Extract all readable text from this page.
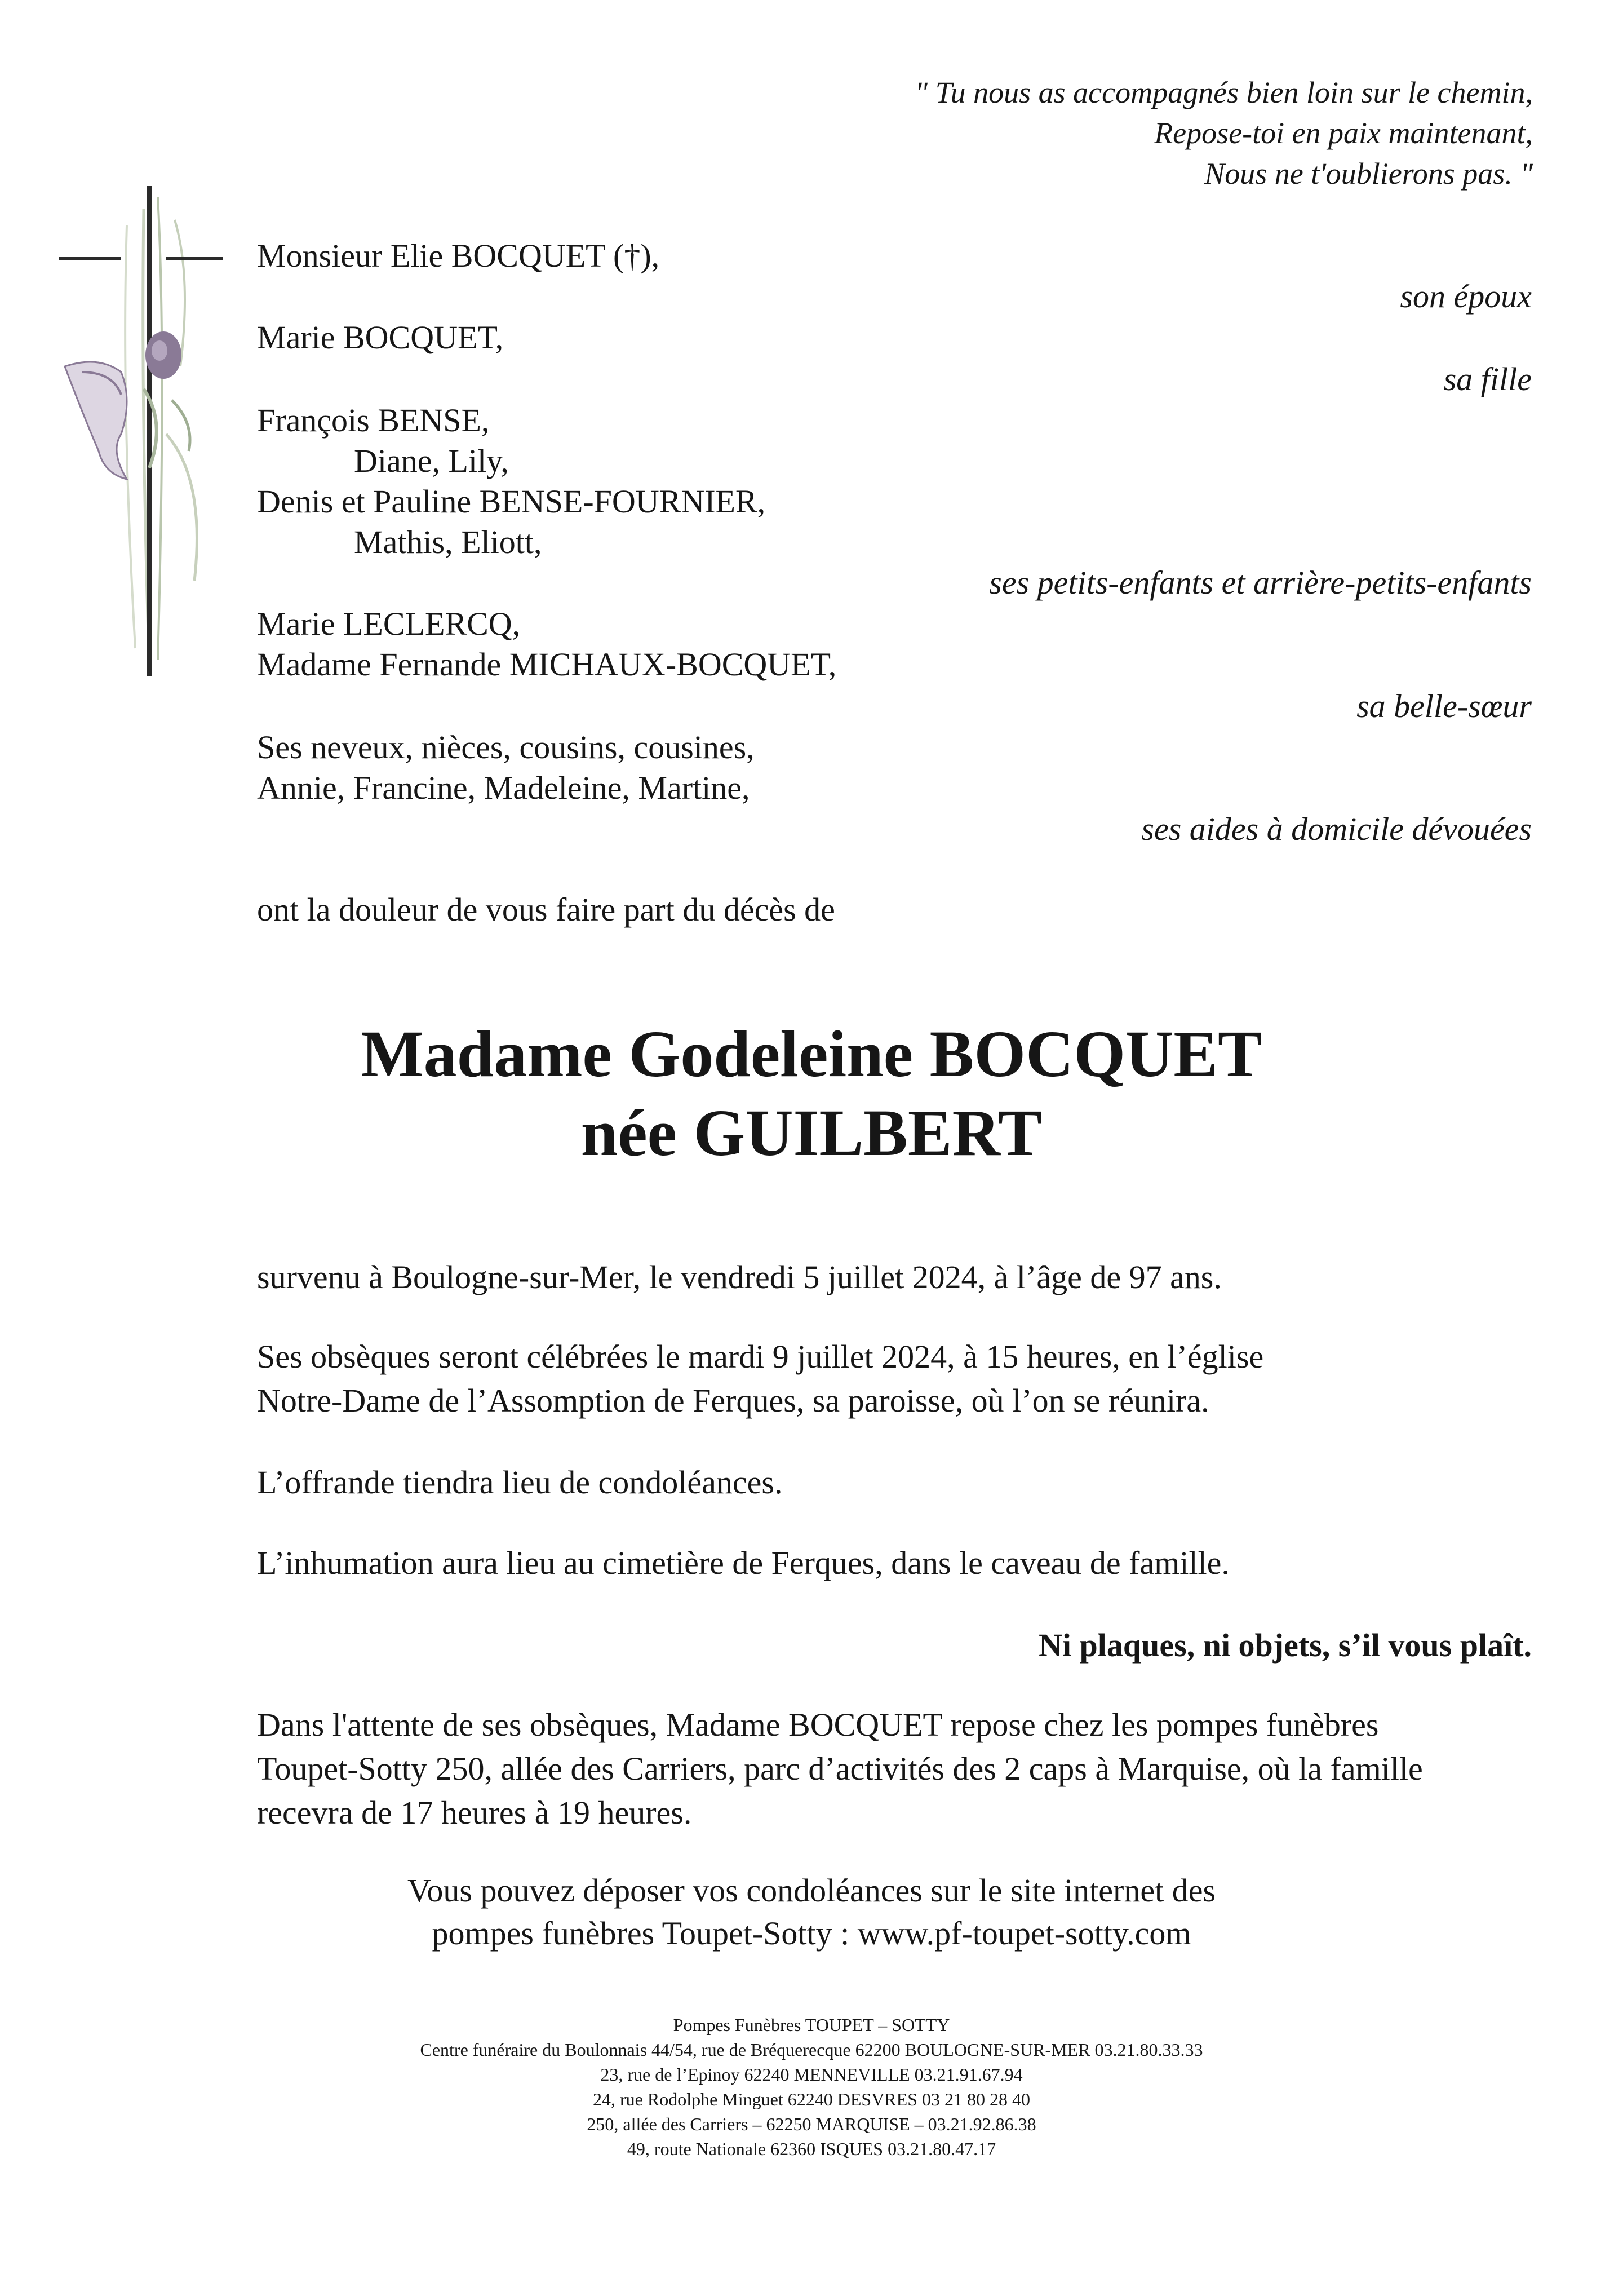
" Tu nous as accompagnés bien loin sur le chemin,
Repose-toi en paix maintenant,
Nous ne t'oublierons pas. "
Monsieur Elie BOCQUET (†),
Marie BOCQUET,
François BENSE,
Diane, Lily,
Denis et Pauline BENSE-FOURNIER,
Mathis, Eliott,
Marie LECLERCQ,
Madame Fernande MICHAUX-BOCQUET,
Ses neveux, nièces, cousins, cousines,
Annie, Francine, Madeleine, Martine,
son époux
sa fille
ses petits-enfants et arrière-petits-enfants
sa belle-sœur
ses aides à domicile dévouées
ont la douleur de vous faire part du décès de
Madame Godeleine BOCQUET
née GUILBERT
survenu à Boulogne-sur-Mer, le vendredi 5 juillet 2024, à l’âge de 97 ans.
Ses obsèques seront célébrées le mardi 9 juillet 2024, à 15 heures, en l’église
Notre-Dame de l’Assomption de Ferques, sa paroisse, où l’on se réunira.
L’offrande tiendra lieu de condoléances.
L’inhumation aura lieu au cimetière de Ferques, dans le caveau de famille.
Ni plaques, ni objets, s’il vous plaît.
Dans l'attente de ses obsèques, Madame BOCQUET repose chez les pompes funèbres
Toupet-Sotty 250, allée des Carriers, parc d’activités des 2 caps à Marquise, où la famille
recevra de 17 heures à 19 heures.
Vous pouvez déposer vos condoléances sur le site internet des
pompes funèbres Toupet-Sotty : www.pf-toupet-sotty.com
Pompes Funèbres TOUPET – SOTTY
Centre funéraire du Boulonnais 44/54, rue de Bréquerecque 62200 BOULOGNE-SUR-MER 03.21.80.33.33
23, rue de l’Epinoy 62240 MENNEVILLE 03.21.91.67.94
24, rue Rodolphe Minguet 62240 DESVRES 03 21 80 28 40
250, allée des Carriers – 62250 MARQUISE – 03.21.92.86.38
49, route Nationale 62360 ISQUES 03.21.80.47.17
